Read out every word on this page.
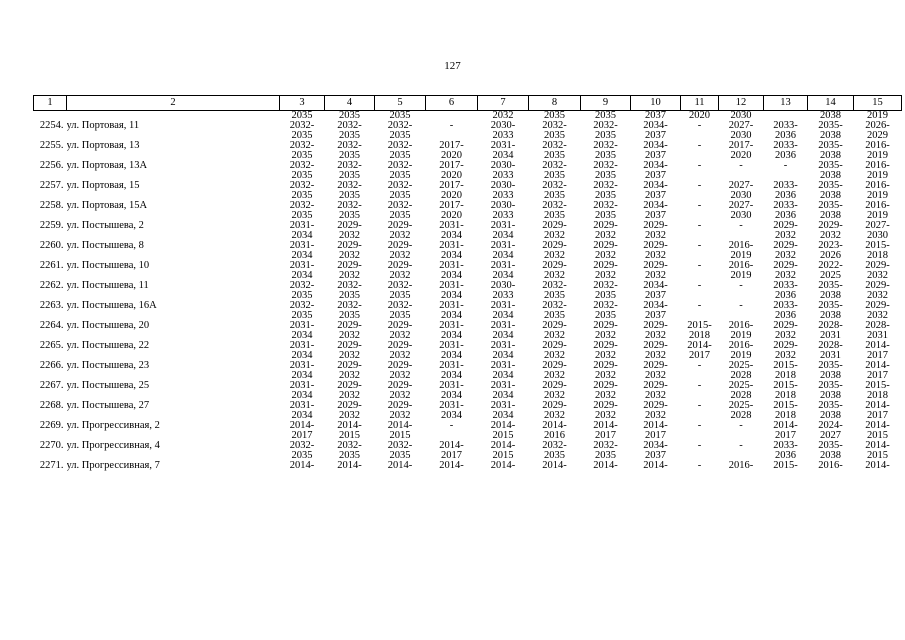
127
1	2	3	4	5	6	7	8	9	10	11	12	13	14	15
		2035	2035	2035		2032	2035	2035	2037	2020	2030		2038	2019
2254.	ул. Портовая, 11	2032-	2032-	2032-	-	2030-	2032-	2032-	2034-	-	2027-	2033-	2035-	2026-
		2035	2035	2035		2033	2035	2035	2037		2030	2036	2038	2029
2255.	ул. Портовая, 13	2032-	2032-	2032-	2017-	2031-	2032-	2032-	2034-	-	2017-	2033-	2035-	2016-
		2035	2035	2035	2020	2034	2035	2035	2037		2020	2036	2038	2019
2256.	ул. Портовая, 13А	2032-	2032-	2032-	2017-	2030-	2032-	2032-	2034-	-	-	-	2035-	2016-
		2035	2035	2035	2020	2033	2035	2035	2037				2038	2019
2257.	ул. Портовая, 15	2032-	2032-	2032-	2017-	2030-	2032-	2032-	2034-	-	2027-	2033-	2035-	2016-
		2035	2035	2035	2020	2033	2035	2035	2037		2030	2036	2038	2019
2258.	ул. Портовая, 15А	2032-	2032-	2032-	2017-	2030-	2032-	2032-	2034-	-	2027-	2033-	2035-	2016-
		2035	2035	2035	2020	2033	2035	2035	2037		2030	2036	2038	2019
2259.	ул. Постышева, 2	2031-	2029-	2029-	2031-	2031-	2029-	2029-	2029-	-	-	2029-	2029-	2027-
		2034	2032	2032	2034	2034	2032	2032	2032			2032	2032	2030
2260.	ул. Постышева, 8	2031-	2029-	2029-	2031-	2031-	2029-	2029-	2029-	-	2016-	2029-	2023-	2015-
		2034	2032	2032	2034	2034	2032	2032	2032		2019	2032	2026	2018
2261.	ул. Постышева, 10	2031-	2029-	2029-	2031-	2031-	2029-	2029-	2029-	-	2016-	2029-	2022-	2029-
		2034	2032	2032	2034	2034	2032	2032	2032		2019	2032	2025	2032
2262.	ул. Постышева, 11	2032-	2032-	2032-	2031-	2030-	2032-	2032-	2034-	-	-	2033-	2035-	2029-
		2035	2035	2035	2034	2033	2035	2035	2037			2036	2038	2032
2263.	ул. Постышева, 16А	2032-	2032-	2032-	2031-	2031-	2032-	2032-	2034-	-	-	2033-	2035-	2029-
		2035	2035	2035	2034	2034	2035	2035	2037			2036	2038	2032
2264.	ул. Постышева, 20	2031-	2029-	2029-	2031-	2031-	2029-	2029-	2029-	2015-	2016-	2029-	2028-	2028-
		2034	2032	2032	2034	2034	2032	2032	2032	2018	2019	2032	2031	2031
2265.	ул. Постышева, 22	2031-	2029-	2029-	2031-	2031-	2029-	2029-	2029-	2014-	2016-	2029-	2028-	2014-
		2034	2032	2032	2034	2034	2032	2032	2032	2017	2019	2032	2031	2017
2266.	ул. Постышева, 23	2031-	2029-	2029-	2031-	2031-	2029-	2029-	2029-	-	2025-	2015-	2035-	2014-
		2034	2032	2032	2034	2034	2032	2032	2032		2028	2018	2038	2017
2267.	ул. Постышева, 25	2031-	2029-	2029-	2031-	2031-	2029-	2029-	2029-	-	2025-	2015-	2035-	2015-
		2034	2032	2032	2034	2034	2032	2032	2032		2028	2018	2038	2018
2268.	ул. Постышева, 27	2031-	2029-	2029-	2031-	2031-	2029-	2029-	2029-	-	2025-	2015-	2035-	2014-
		2034	2032	2032	2034	2034	2032	2032	2032		2028	2018	2038	2017
2269.	ул. Прогрессивная, 2	2014-	2014-	2014-	-	2014-	2014-	2014-	2014-	-	-	2014-	2024-	2014-
		2017	2015	2015		2015	2016	2017	2017			2017	2027	2015
2270.	ул. Прогрессивная, 4	2032-	2032-	2032-	2014-	2014-	2032-	2032-	2034-	-	-	2033-	2035-	2014-
		2035	2035	2035	2017	2015	2035	2035	2037			2036	2038	2015
2271.	ул. Прогрессивная, 7	2014-	2014-	2014-	2014-	2014-	2014-	2014-	2014-	-	2016-	2015-	2016-	2014-
